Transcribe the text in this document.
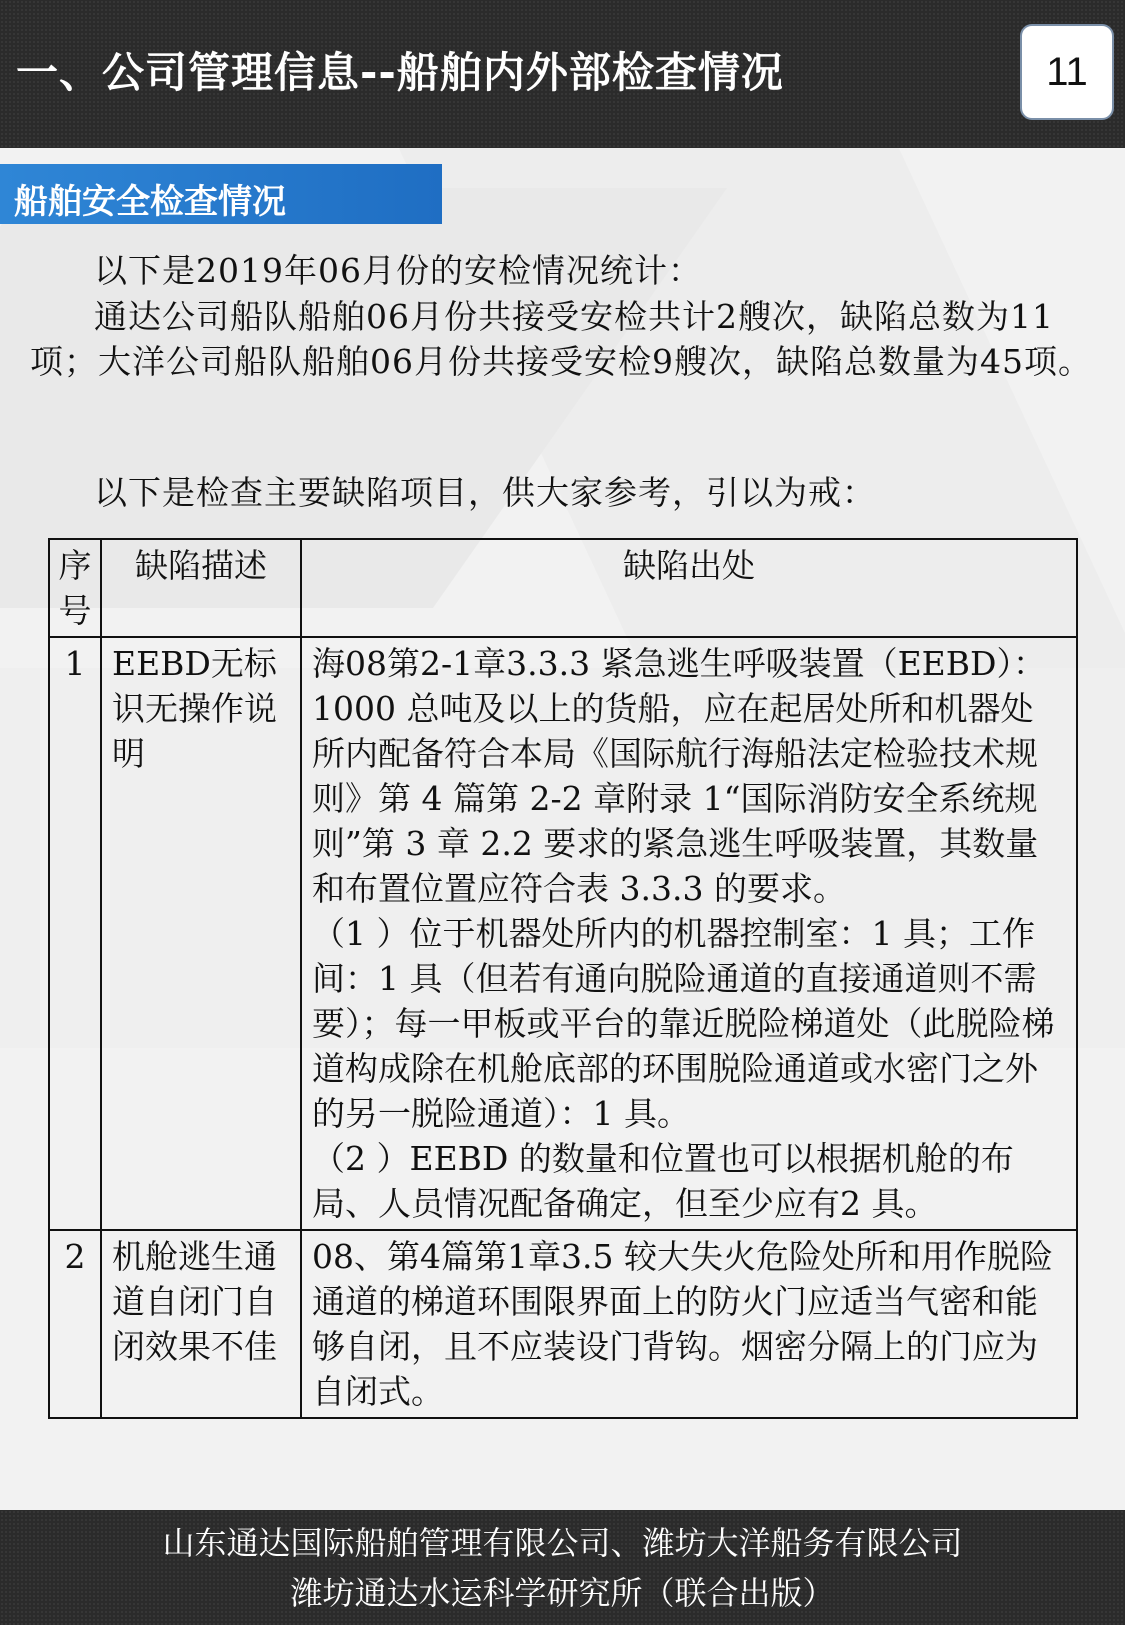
一、公司管理信息--船舶内外部检查情况	11
船舶安全检查情况

以下是2019年06月份的安检情况统计：

通达公司船队船舶06月份共接受安检共计2艘次，缺陷总数为11项；大洋公司船队船舶06月份共接受安检9艘次，缺陷总数量为45项。

以下是检查主要缺陷项目，供大家参考，引以为戒：

序号	缺陷描述	缺陷出处
1	EEBD无标识无操作说明	海08第2-1章3.3.3 紧急逃生呼吸装置（EEBD）：1000 总吨及以上的货船，应在起居处所和机器处所内配备符合本局《国际航行海船法定检验技术规则》第 4 篇第 2-2 章附录 1“国际消防安全系统规则”第 3 章 2.2 要求的紧急逃生呼吸装置，其数量和布置位置应符合表 3.3.3 的要求。
（1 ）位于机器处所内的机器控制室：1 具；工作间：1 具（但若有通向脱险通道的直接通道则不需要）；每一甲板或平台的靠近脱险梯道处（此脱险梯道构成除在机舱底部的环围脱险通道或水密门之外的另一脱险通道）：1 具。
（2 ）EEBD 的数量和位置也可以根据机舱的布局、人员情况配备确定，但至少应有2 具。

2	机舱逃生通道自闭门自闭效果不佳	08、第4篇第1章3.5 较大失火危险处所和用作脱险通道的梯道环围限界面上的防火门应适当气密和能够自闭，且不应装设门背钩。烟密分隔上的门应为自闭式。
山东通达国际船舶管理有限公司、潍坊大洋船务有限公司
潍坊通达水运科学研究所（联合出版）
